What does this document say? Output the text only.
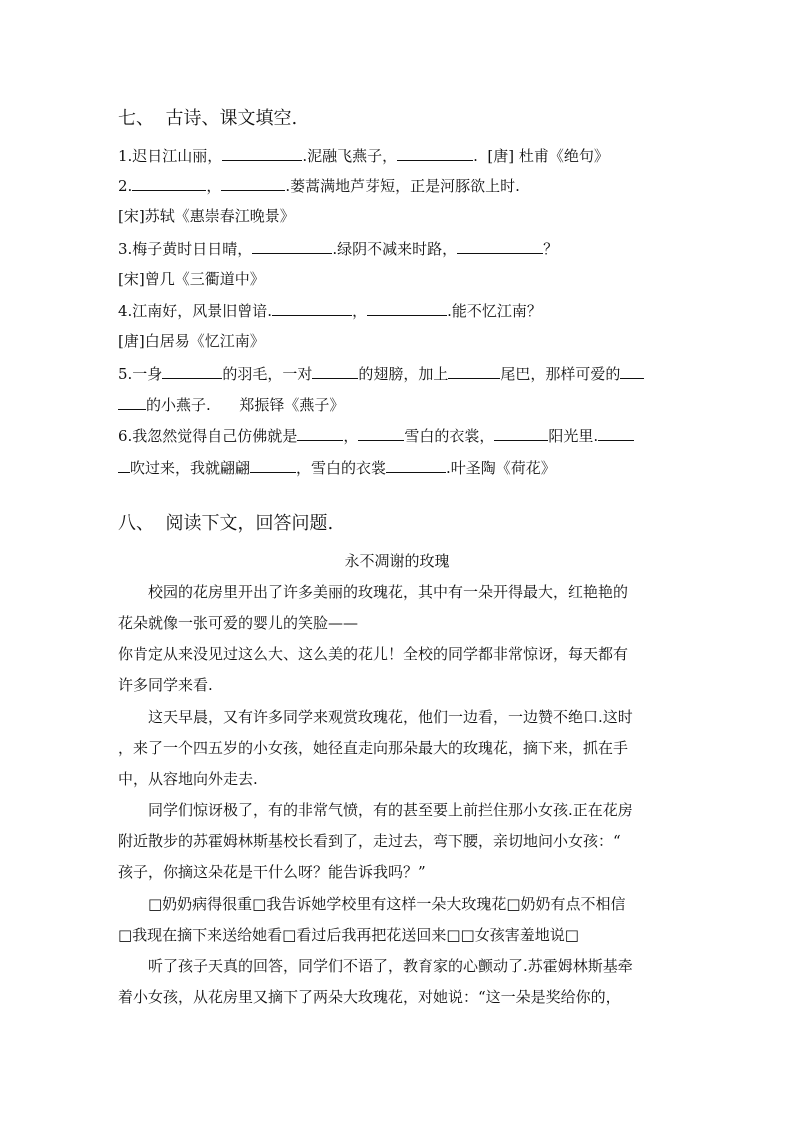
七、  古诗、课文填空.
1.迟日江山丽，	.泥融飞燕子，	.  [唐] 杜甫《绝句》
2.	，	.蒌蒿满地芦芽短，正是河豚欲上时.
[宋]苏轼《惠崇春江晚景》
3.梅子黄时日日晴，	.绿阴不减来时路，	？
[宋]曾几《三衢道中》
4.江南好，风景旧曾谙.	，	.能不忆江南？
[唐]白居易《忆江南》
5.一身	的羽毛，一对	的翅膀，加上	尾巴，那样可爱的
的小燕子.      郑振铎《燕子》
6.我忽然觉得自己仿佛就是	，	雪白的衣裳，	阳光里.
吹过来，我就翩翩	，雪白的衣裳	.叶圣陶《荷花》
八、  阅读下文，回答问题.
永不凋谢的玫瑰
校园的花房里开出了许多美丽的玫瑰花，其中有一朵开得最大，红艳艳的
花朵就像一张可爱的婴儿的笑脸——
你肯定从来没见过这么大、这么美的花儿！全校的同学都非常惊讶，每天都有
许多同学来看.
这天早晨，又有许多同学来观赏玫瑰花，他们一边看，一边赞不绝口.这时
，来了一个四五岁的小女孩，她径直走向那朵最大的玫瑰花，摘下来，抓在手
中，从容地向外走去.
同学们惊讶极了，有的非常气愤，有的甚至要上前拦住那小女孩.正在花房
附近散步的苏霍姆林斯基校长看到了，走过去，弯下腰，亲切地问小女孩：“
孩子，你摘这朵花是干什么呀？能告诉我吗？”
□奶奶病得很重□我告诉她学校里有这样一朵大玫瑰花□奶奶有点不相信
□我现在摘下来送给她看□看过后我再把花送回来□□女孩害羞地说□
听了孩子天真的回答，同学们不语了，教育家的心颤动了.苏霍姆林斯基牵
着小女孩，从花房里又摘下了两朵大玫瑰花，对她说：“这一朵是奖给你的，
